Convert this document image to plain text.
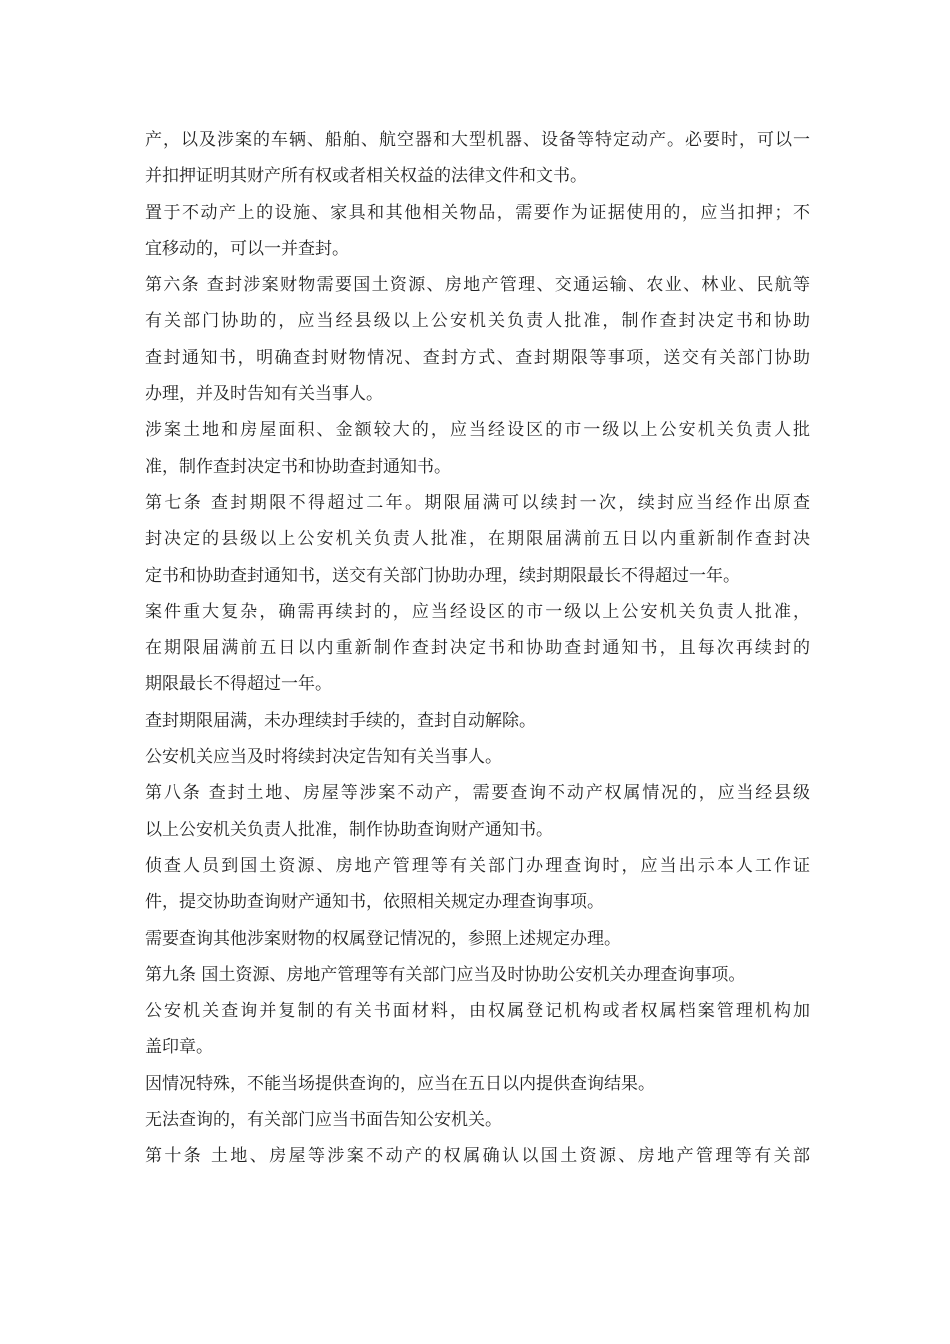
产，以及涉案的车辆、船舶、航空器和大型机器、设备等特定动产。必要时，可以一
并扣押证明其财产所有权或者相关权益的法律文件和文书。
置于不动产上的设施、家具和其他相关物品，需要作为证据使用的，应当扣押；不
宜移动的，可以一并查封。
第六条 查封涉案财物需要国土资源、房地产管理、交通运输、农业、林业、民航等
有关部门协助的，应当经县级以上公安机关负责人批准，制作查封决定书和协助
查封通知书，明确查封财物情况、查封方式、查封期限等事项，送交有关部门协助
办理，并及时告知有关当事人。
涉案土地和房屋面积、金额较大的，应当经设区的市一级以上公安机关负责人批
准，制作查封决定书和协助查封通知书。
第七条 查封期限不得超过二年。期限届满可以续封一次，续封应当经作出原查
封决定的县级以上公安机关负责人批准，在期限届满前五日以内重新制作查封决
定书和协助查封通知书，送交有关部门协助办理，续封期限最长不得超过一年。
案件重大复杂，确需再续封的，应当经设区的市一级以上公安机关负责人批准，
在期限届满前五日以内重新制作查封决定书和协助查封通知书，且每次再续封的
期限最长不得超过一年。
查封期限届满，未办理续封手续的，查封自动解除。
公安机关应当及时将续封决定告知有关当事人。
第八条 查封土地、房屋等涉案不动产，需要查询不动产权属情况的，应当经县级
以上公安机关负责人批准，制作协助查询财产通知书。
侦查人员到国土资源、房地产管理等有关部门办理查询时，应当出示本人工作证
件，提交协助查询财产通知书，依照相关规定办理查询事项。
需要查询其他涉案财物的权属登记情况的，参照上述规定办理。
第九条 国土资源、房地产管理等有关部门应当及时协助公安机关办理查询事项。
公安机关查询并复制的有关书面材料，由权属登记机构或者权属档案管理机构加
盖印章。
因情况特殊，不能当场提供查询的，应当在五日以内提供查询结果。
无法查询的，有关部门应当书面告知公安机关。
第十条 土地、房屋等涉案不动产的权属确认以国土资源、房地产管理等有关部
